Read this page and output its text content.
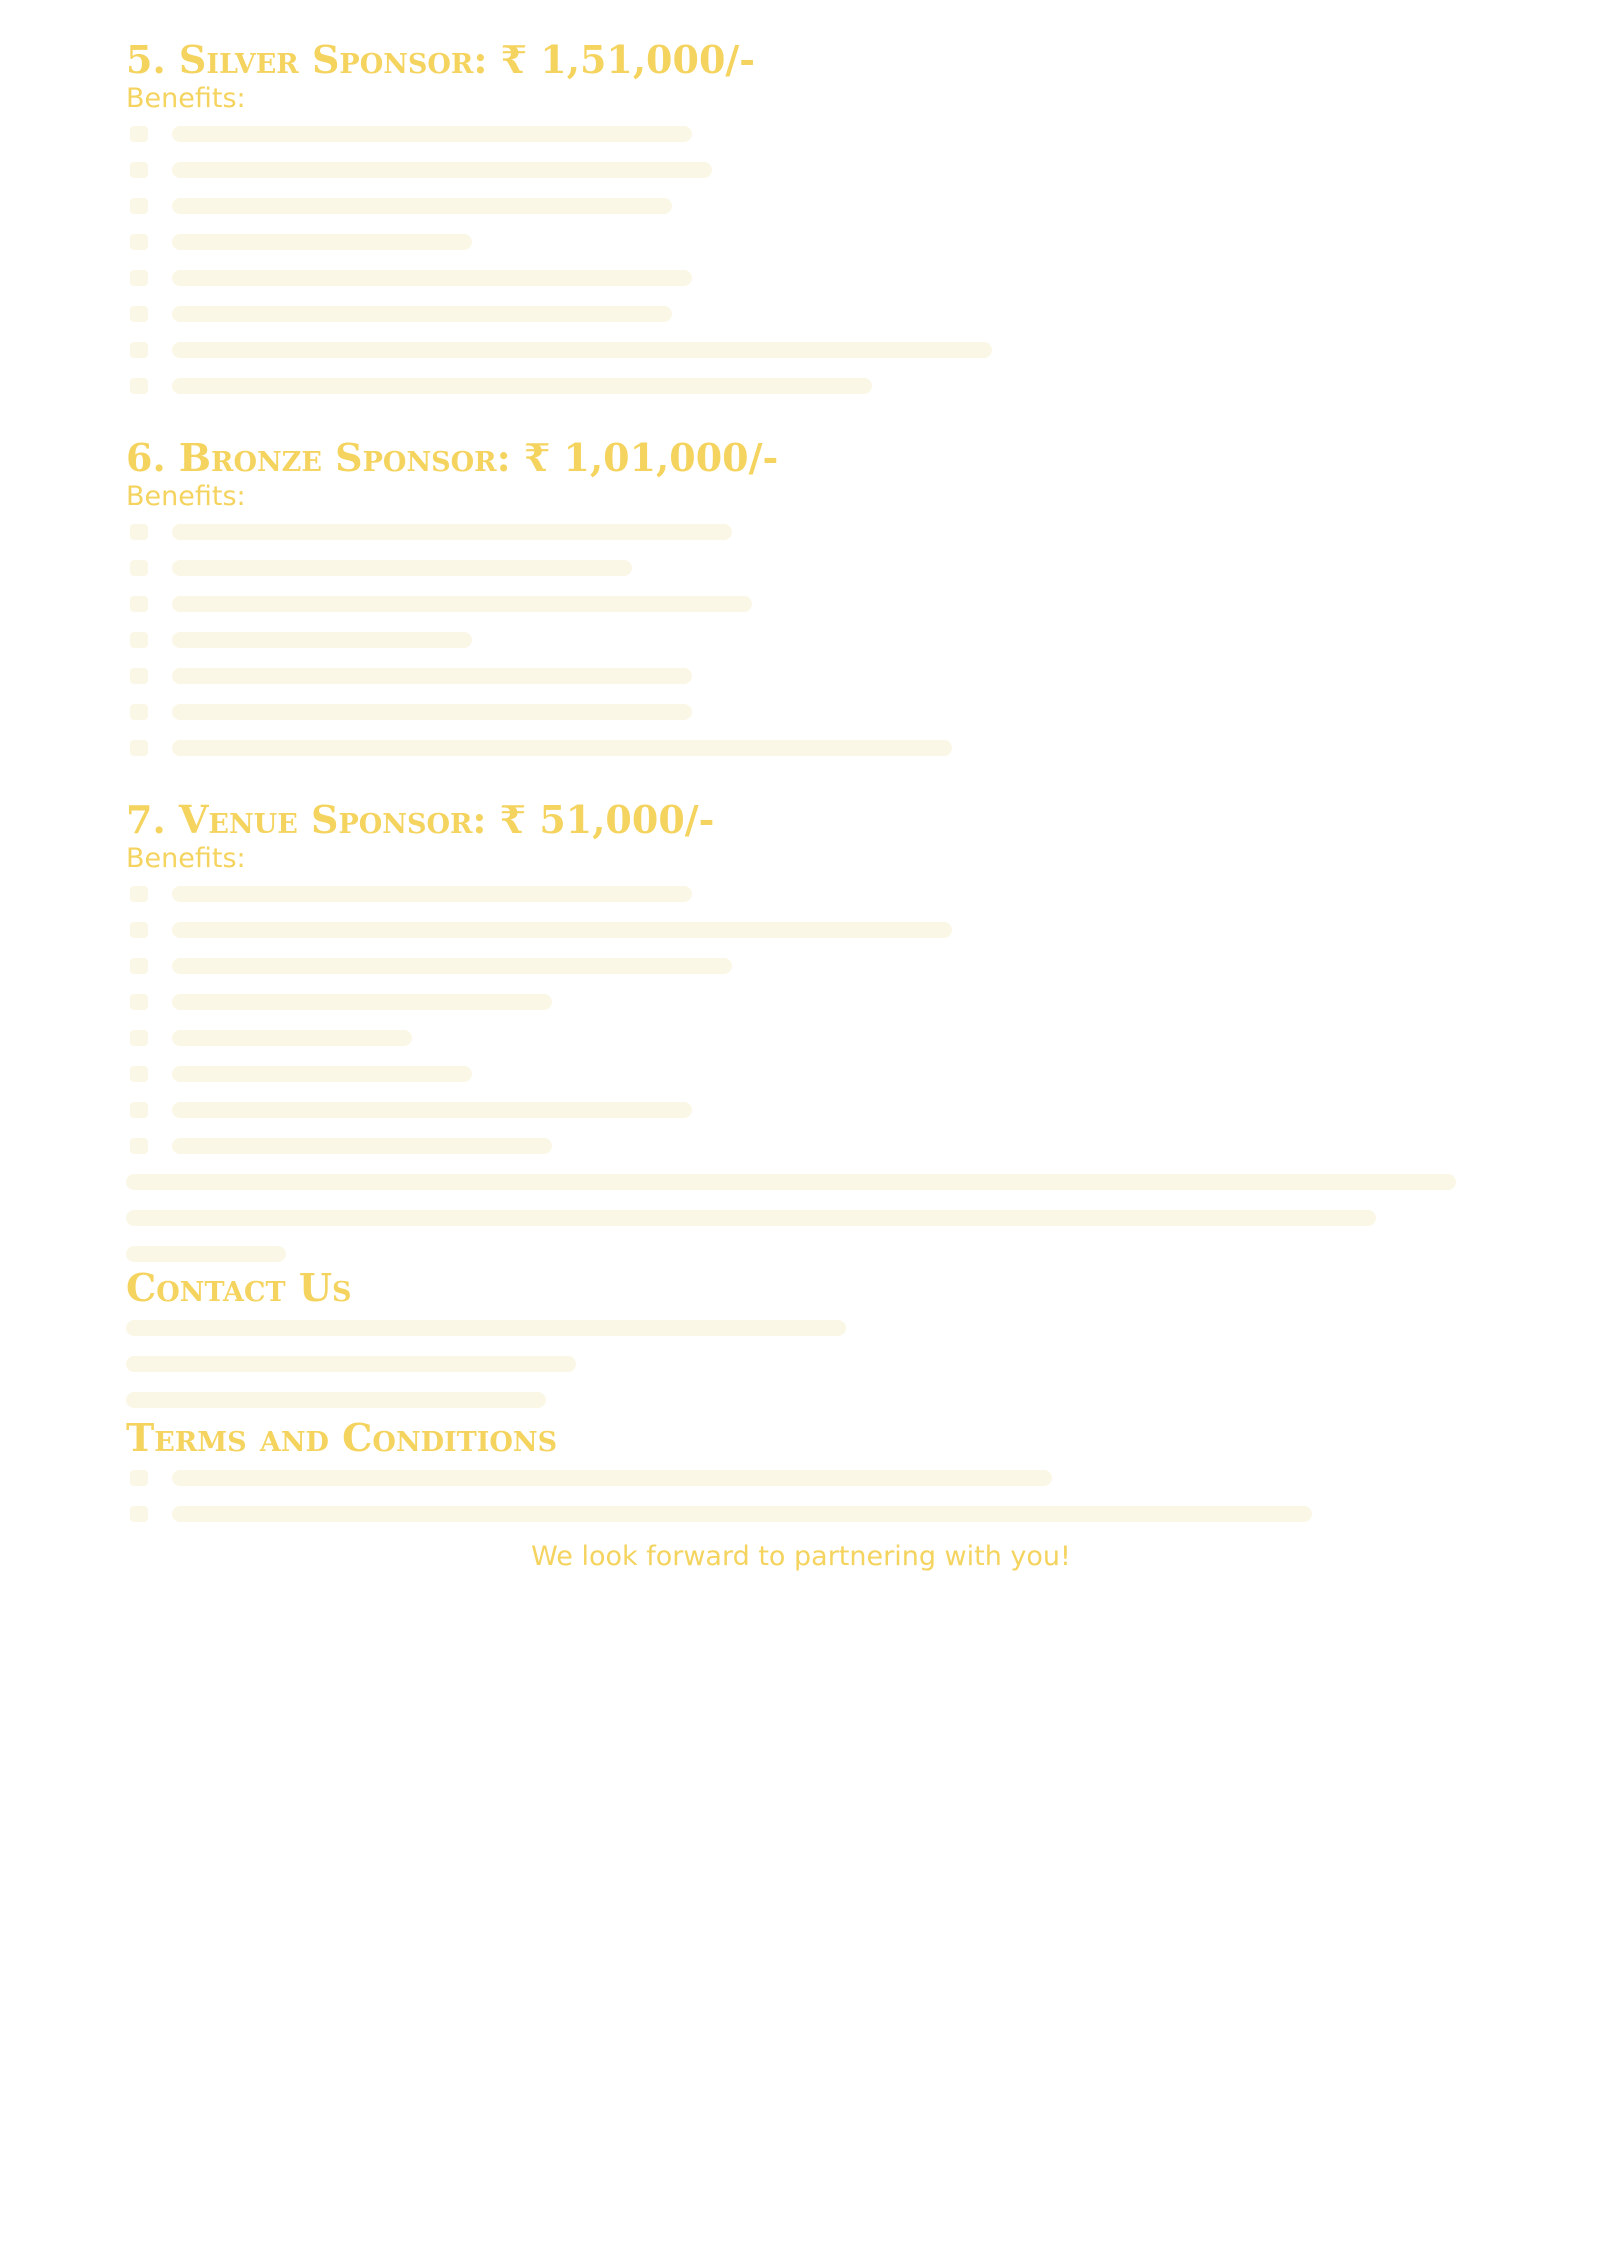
5. Silver Sponsor: ₹ 1,51,000/-

Benefits:

6. Bronze Sponsor: ₹ 1,01,000/-

Benefits:

7. Venue Sponsor: ₹ 51,000/-

Benefits:

Contact Us
Terms and Conditions

We look forward to partnering with you!
